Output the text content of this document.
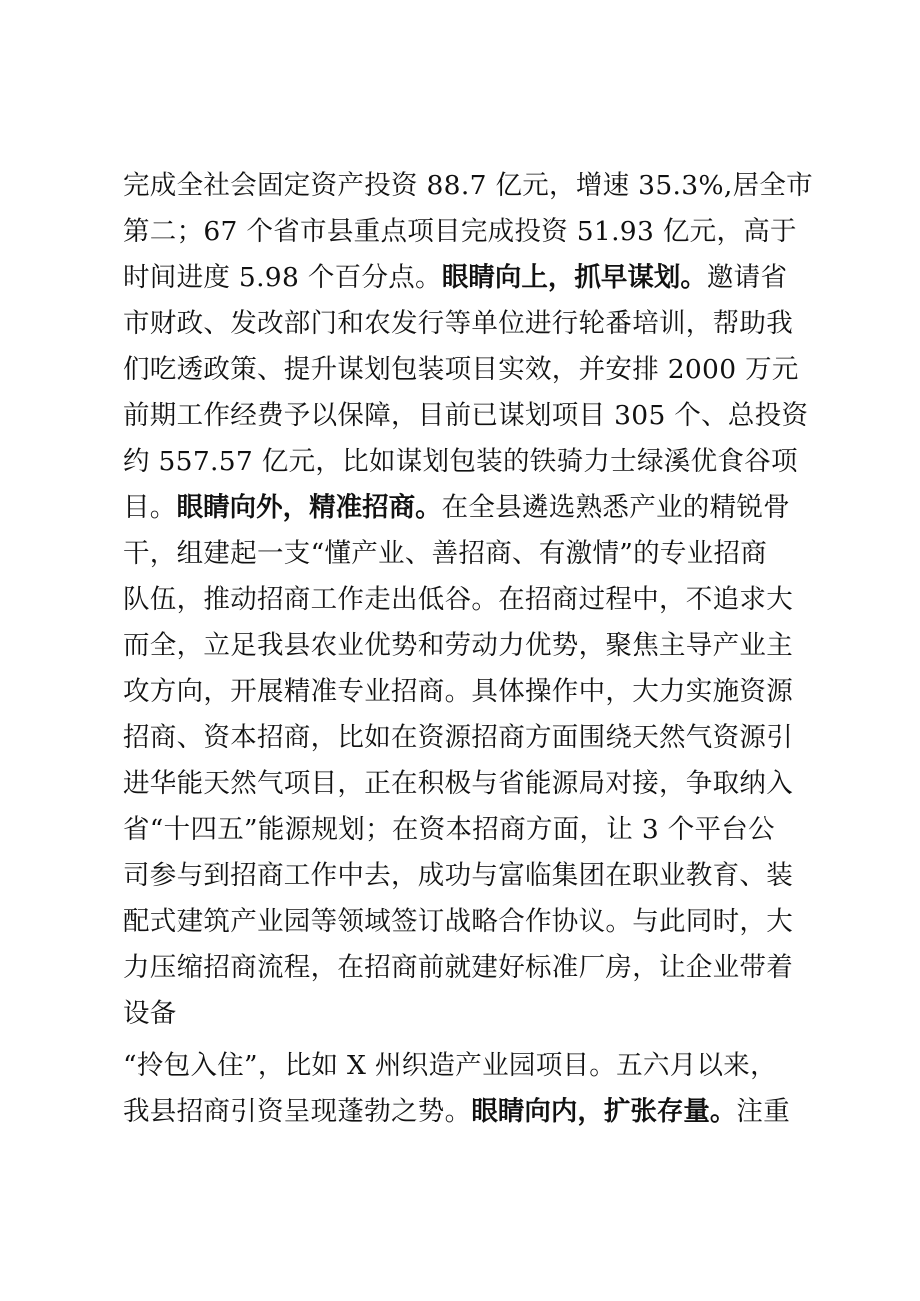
完成全社会固定资产投资 88.7 亿元，增速 35.3%,居全市
第二；67 个省市县重点项目完成投资 51.93 亿元，高于
时间进度 5.98 个百分点。眼睛向上，抓早谋划。邀请省
市财政、发改部门和农发行等单位进行轮番培训，帮助我
们吃透政策、提升谋划包装项目实效，并安排 2000 万元
前期工作经费予以保障，目前已谋划项目 305 个、总投资
约 557.57 亿元，比如谋划包装的铁骑力士绿溪优食谷项
目。眼睛向外，精准招商。在全县遴选熟悉产业的精锐骨
干，组建起一支“懂产业、善招商、有激情”的专业招商
队伍，推动招商工作走出低谷。在招商过程中，不追求大
而全，立足我县农业优势和劳动力优势，聚焦主导产业主
攻方向，开展精准专业招商。具体操作中，大力实施资源
招商、资本招商，比如在资源招商方面围绕天然气资源引
进华能天然气项目，正在积极与省能源局对接，争取纳入
省“十四五”能源规划；在资本招商方面，让 3 个平台公
司参与到招商工作中去，成功与富临集团在职业教育、装
配式建筑产业园等领域签订战略合作协议。与此同时，大
力压缩招商流程，在招商前就建好标准厂房，让企业带着
设备
“拎包入住”，比如 X 州织造产业园项目。五六月以来，
我县招商引资呈现蓬勃之势。眼睛向内，扩张存量。注重
